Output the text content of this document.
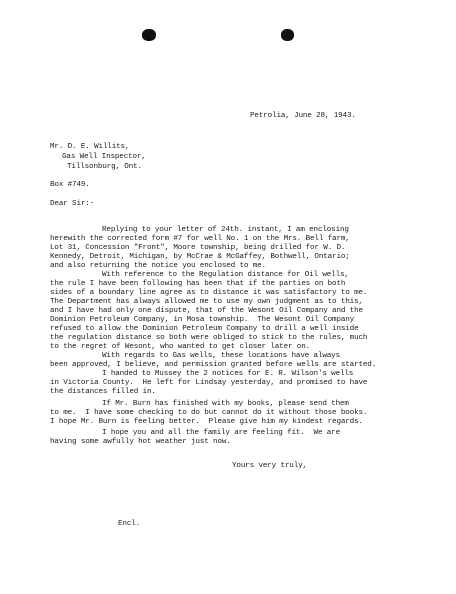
Petrolia, June 28, 1943.
Mr. D. E. Willits,
Gas Well Inspector,
Tillsonburg, Ont.
Box #749.
Dear Sir:-
Replying to your letter of 24th. instant, I am enclosing
herewith the corrected form #7 for well No. 1 on the Mrs. Bell farm,
Lot 31, Concession "Front", Moore township, being drilled for W. D.
Kennedy, Detroit, Michigan, by McCrae & McGaffey, Bothwell, Ontario;
and also returning the notice you enclosed to me.
With reference to the Regulation distance for Oil wells,
the rule I have been following has been that if the parties on both
sides of a boundary line agree as to distance it was satisfactory to me.
The Department has always allowed me to use my own judgment as to this,
and I have had only one dispute, that of the Wesont Oil Company and the
Dominion Petroleum Company, in Mosa township.  The Wesont Oil Company
refused to allow the Dominion Petroleum Company to drill a well inside
the regulation distance so both were obliged to stick to the rules, much
to the regret of Wesont, who wanted to get closer later on.
With regards to Gas wells, these locations have always
been approved, I believe, and permission granted before wells are started.
I handed to Mussey the 2 notices for E. R. Wilson's wells
in Victoria County.  He left for Lindsay yesterday, and promised to have
the distances filled in.
If Mr. Burn has finished with my books, please send them
to me.  I have some checking to do but cannot do it without those books.
I hope Mr. Burn is feeling better.  Please give him my kindest regards.
I hope you and all the family are feeling fit.  We are
having some awfully hot weather just now.
Yours very truly,
Encl.
